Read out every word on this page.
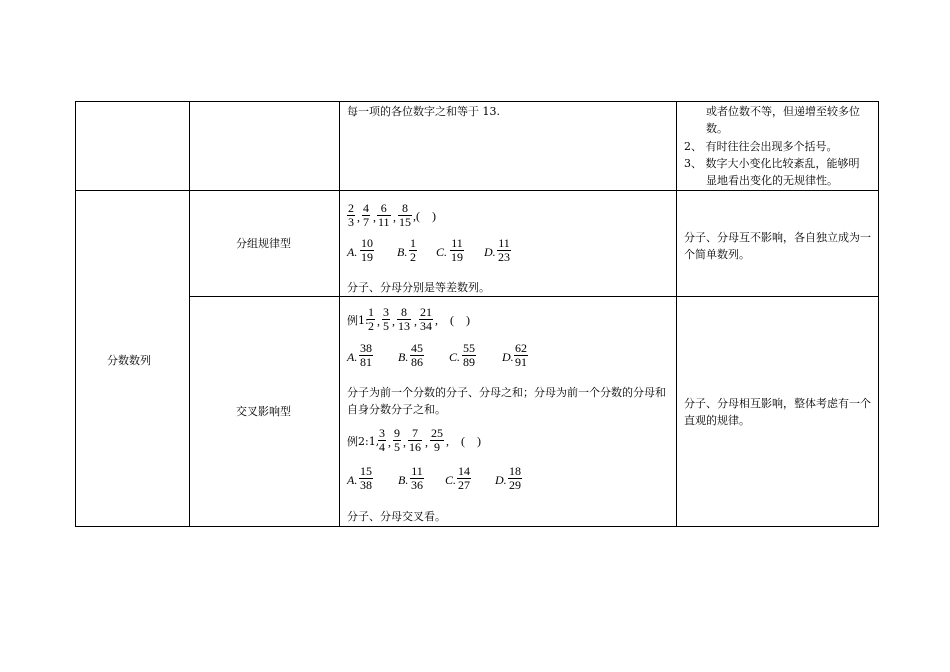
每一项的各位数字之和等于 13.	或者位数不等，但递增至较多位
数。
2、 有时往往会出现多个括号。
3、 数字大小变化比较紊乱，能够明
显地看出变化的无规律性。
分数数列
分组规律型
$\frac{2}{3}$ , $\frac{4}{7}$ , $\frac{6}{11}$ , $\frac{8}{15}$ ,(    )
A. $\frac{10}{19} B$. $\frac{1}{2} C$. $\frac{11}{19} D$. $\frac{11}{23}$
分子、分母分别是等差数列。
分子、分母互不影响，各自独立成为一个简单数列。
交叉影响型
例1:
$\frac{1}{2}$ , $\frac{3}{5}$ , $\frac{8}{13}$ , $\frac{21}{34}$ ,    (    )
A. $\frac{38}{81} B$. $\frac{45}{86} C$. $\frac{55}{89} D$. $\frac{62}{91}$
分子为前一个分数的分子、分母之和；分母为前一个分数的分母和自身分数分子之和。
例2:1,
$\frac{3}{4}$ , $\frac{9}{5}$ , $\frac{7}{16}$ , $\frac{25}{9}$ ,    (    )
A. $\frac{15}{38} B$. $\frac{11}{36} C$. $\frac{14}{27} D$. $\frac{18}{29}$
分子、分母交叉看。
分子、分母相互影响，整体考虑有一个直观的规律。
